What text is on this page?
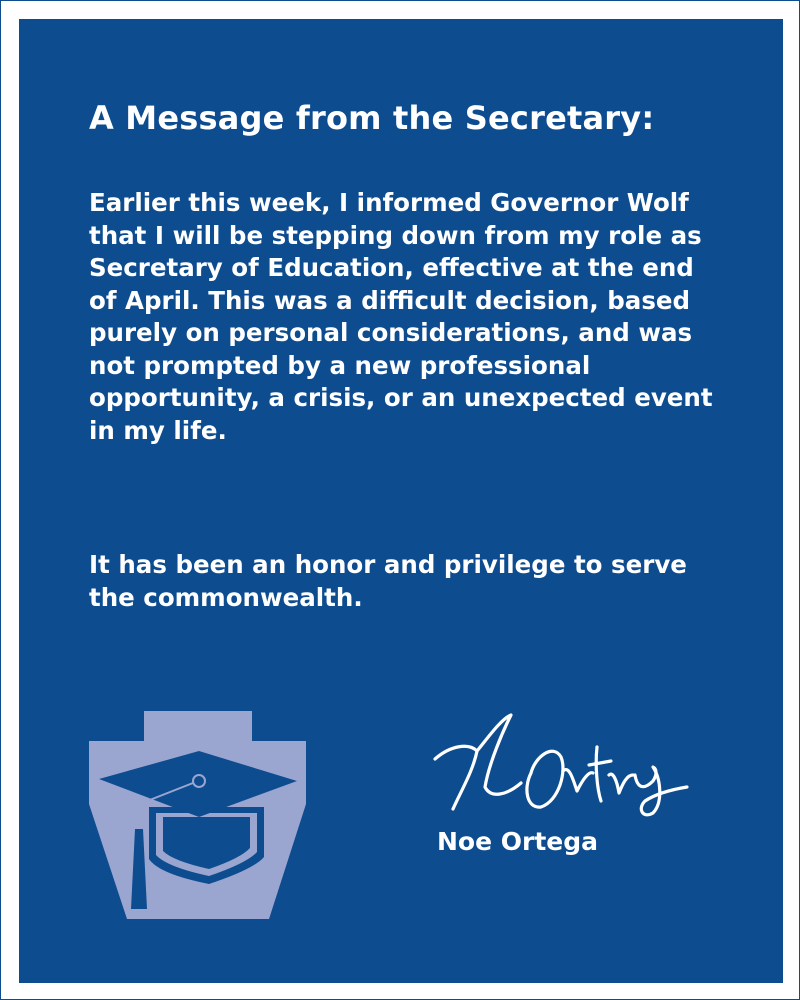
A Message from the Secretary:

Earlier this week, I informed Governor Wolf that I will be stepping down from my role as Secretary of Education, effective at the end of April. This was a difficult decision, based purely on personal considerations, and was not prompted by a new professional opportunity, a crisis, or an unexpected event in my life.

It has been an honor and privilege to serve the commonwealth.

Noe Ortega
